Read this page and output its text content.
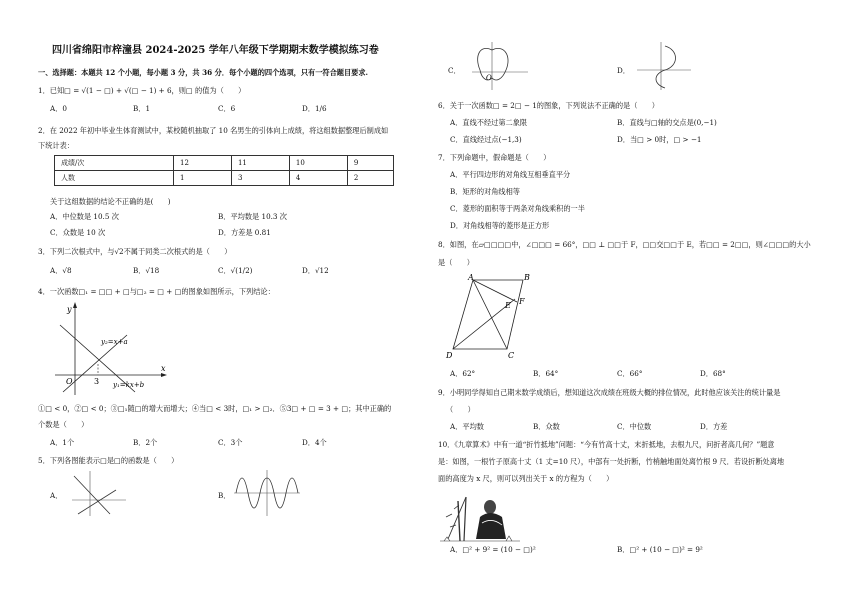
四川省绵阳市梓潼县 2024-2025 学年八年级下学期期末数学模拟练习卷
一、选择题：本题共 12 个小题，每小题 3 分，共 36 分．每个小题的四个选项，只有一符合题目要求.
1．已知□ = √(1 − □) + √(□ − 1) + 6，则□ 的值为（　　）
A．0	B．1	C．6	D．1/6
2．在 2022 年初中毕业生体育测试中，某校随机抽取了 10 名男生的引体向上成绩，将这组数据整理后制成如
下统计表：
成绩/次	12	11	10	9
人数	1	3	4	2
关于这组数据的结论不正确的是(　　)
A．中位数是 10.5 次	B．平均数是 10.3 次
C．众数是 10 次	D．方差是 0.81
3．下列二次根式中，与√2不属于同类二次根式的是（　　）
A．√8	B．√18	C．√(1/2)	D．√12
4．一次函数□₁ = □□ + □与□₂ = □ + □的图象如图所示，下列结论：
y
x
O	3
y₂=x+a
y₁=kx+b
①□ < 0，②□ < 0；③□₁随□的增大而增大；④当□ < 3时，□₁ > □₂．⑤3□ + □ = 3 + □；其中正确的
个数是（　　）
A．1个	B．2个	C．3个	D．4个
5．下列各图能表示□是□的函数是（　　）
A．	B．
C．
O
D．
6．关于一次函数□ = 2□ − 1的图象，下列说法不正确的是（　　）
A．直线不经过第二象限	B．直线与□轴的交点是(0,−1)
C．直线经过点(−1,3)	D．当□ > 0时，□ > −1
7．下列命题中，假命题是（　　）
A．平行四边形的对角线互相垂直平分
B．矩形的对角线相等
C．菱形的面积等于两条对角线乘积的一半
D．对角线相等的菱形是正方形
8．如图，在▱□□□□中，∠□□□ = 66°，□□ ⊥ □□于 F，□□交□□于 E，若□□ = 2□□，则∠□□□的大小
是（　　）
A	B
C
D
E F
A．62°	B．64°	C．66°	D．68°
9．小明同学得知自己期末数学成绩后，想知道这次成绩在班级大概的排位情况，此时他应该关注的统计量是
（　　）
A．平均数	B．众数	C．中位数	D．方差
10．《九章算术》中有一道“折竹抵地”问题：“今有竹高十丈，末折抵地，去根九尺，问折者高几何？”题意
是：如图，一根竹子原高十丈（1 丈=10 尺），中部有一处折断，竹梢触地面处离竹根 9 尺．若设折断处离地
面的高度为 x 尺，则可以列出关于 x 的方程为（　　）
A．□² + 9² = (10 − □)²	B．□² + (10 − □)² = 9²
